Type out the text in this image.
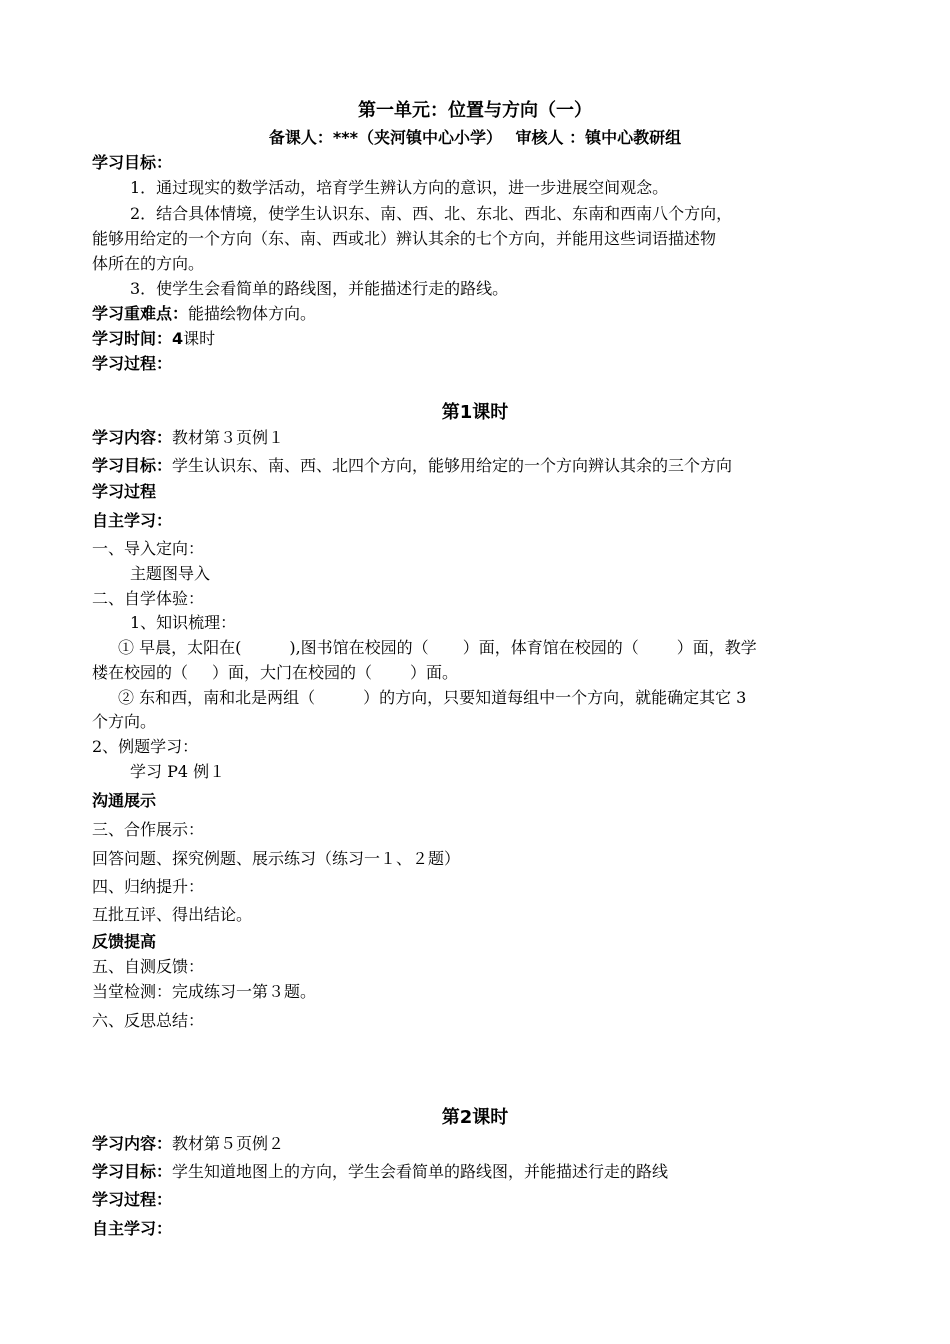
第一单元：位置与方向（一）
备课人：***（夹河镇中心小学）　 审核人 ：镇中心教研组
学习目标：
1．通过现实的数学活动，培育学生辨认方向的意识，进一步进展空间观念。
2．结合具体情境，使学生认识东、南、西、北、东北、西北、东南和西南八个方向，
能够用给定的一个方向（东、南、西或北）辨认其余的七个方向，并能用这些词语描述物
体所在的方向。
3．使学生会看简单的路线图，并能描述行走的路线。
学习重难点：能描绘物体方向。
学习时间：4课时
学习过程：
第1课时
学习内容：教材第３页例１
学习目标：学生认识东、南、西、北四个方向，能够用给定的一个方向辨认其余的三个方向
学习过程
自主学习：
一、导入定向：
主题图导入
二、自学体验：
1、知识梳理：
① 早晨，太阳在(	),图书馆在校园的（ ）面，体育馆在校园的（ ）面，教学
楼在校园的（ ）面，大门在校园的（ ）面。
② 东和西，南和北是两组（	）的方向，只要知道每组中一个方向，就能确定其它 3
个方向。
2、例题学习：
学习 P4 例１
沟通展示
三、合作展示：
回答问题、探究例题、展示练习（练习一１、２题）
四、归纳提升：
互批互评、得出结论。
反馈提高
五、自测反馈：
当堂检测：完成练习一第３题。
六、反思总结：
第2课时
学习内容：教材第５页例２
学习目标：学生知道地图上的方向，学生会看简单的路线图，并能描述行走的路线
学习过程：
自主学习：
